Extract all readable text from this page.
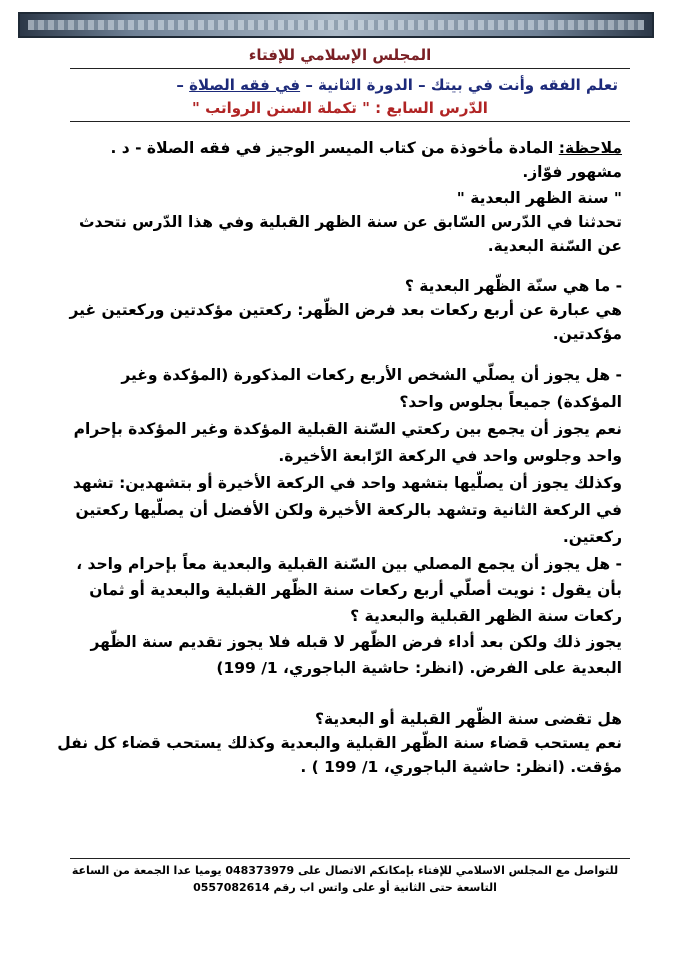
المجلس الإسلامي للإفتاء
تعلم الفقه وأنت في بيتك – الدورة الثانية – في فقه الصلاة –
الدّرس السابع : " تكملة السنن الرواتب "
ملاحظة: المادة مأخوذة من كتاب الميسر الوجيز في فقه الصلاة - د . مشهور فوّاز.

" سنة الظهر البعدية "

تحدثنا في الدّرس السّابق عن سنة الظهر القبلية وفي هذا الدّرس نتحدث عن السّنة البعدية.

- ما هي سنّة الظّهر البعدية ؟

هي عبارة عن أربع ركعات بعد فرض الظّهر: ركعتين مؤكدتين وركعتين غير مؤكدتين.

- هل يجوز أن يصلّي الشخص الأربع ركعات المذكورة (المؤكدة وغير المؤكدة) جميعاً بجلوس واحد؟

نعم يجوز أن يجمع بين ركعتي السّنة القبلية المؤكدة وغير المؤكدة بإحرام واحد وجلوس واحد في الركعة الرّابعة الأخيرة.

وكذلك يجوز أن يصلّيها بتشهد واحد في الركعة الأخيرة أو بتشهدين: تشهد في الركعة الثانية وتشهد بالركعة الأخيرة ولكن الأفضل أن يصلّيها ركعتين ركعتين.

- هل يجوز أن يجمع المصلي بين السّنة القبلية والبعدية معاً بإحرام واحد ، بأن يقول : نويت أصلّي أربع ركعات سنة الظّهر القبلية والبعدية أو ثمان ركعات سنة الظهر القبلية والبعدية ؟

يجوز ذلك ولكن بعد أداء فرض الظّهر لا قبله فلا يجوز تقديم سنة الظّهر البعدية على الفرض. (انظر: حاشية الباجوري، 1/ 199)

هل تقضى سنة الظّهر القبلية أو البعدية؟

نعم يستحب قضاء سنة الظّهر القبلية والبعدية وكذلك يستحب قضاء كل نفل مؤقت. (انظر: حاشية الباجوري، 1/ 199 ) .

للتواصل مع المجلس الاسلامي للإفتاء بإمكانكم الاتصال على 048373979 يوميا عدا الجمعة من الساعة
التاسعة حتى الثانية أو على واتس اب رقم 0557082614
